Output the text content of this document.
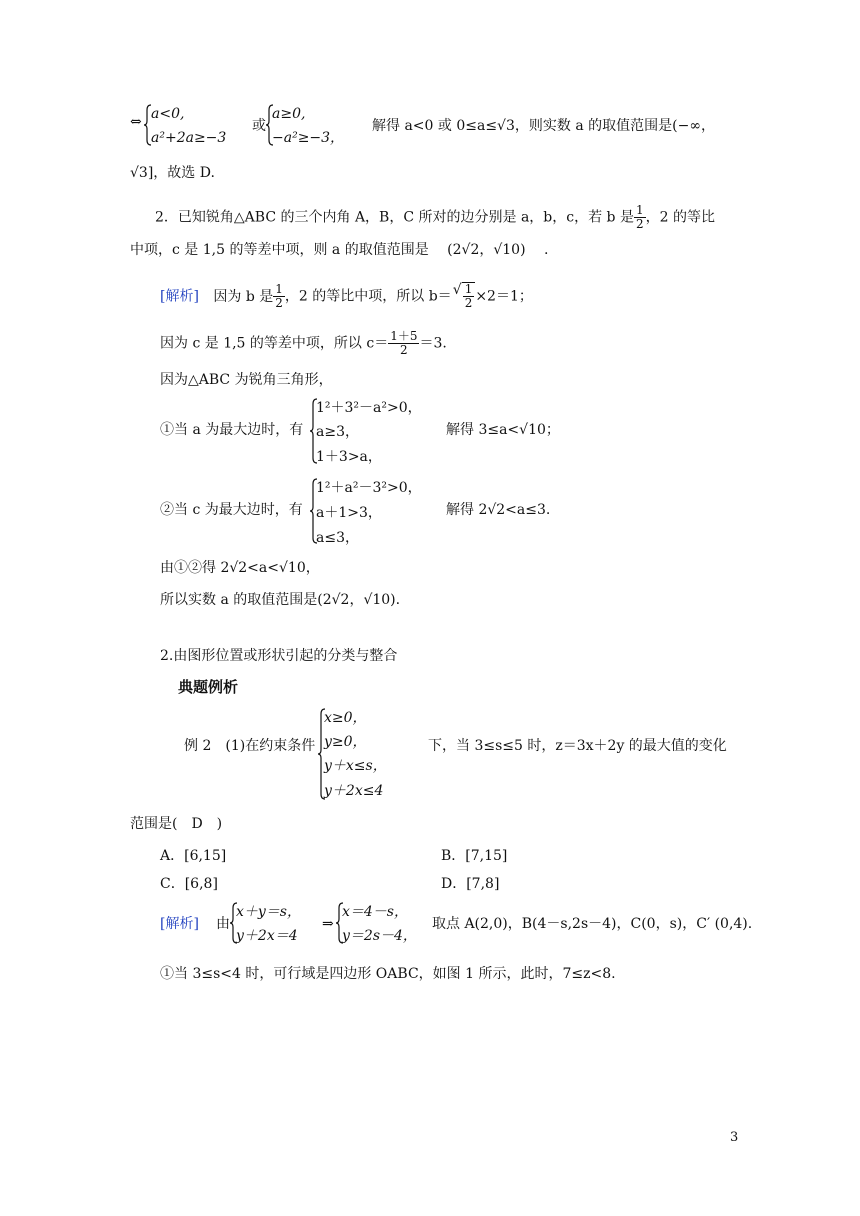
⇔ a<0,
a²+2a≥−3
或
a≥0,
−a²≥−3，
解得 a<0 或 0≤a≤√3，则实数 a 的取值范围是(−∞，
√3]，故选 D.
2．已知锐角△ABC 的三个内角 A，B，C 所对的边分别是 a，b，c，若 b 是 $\frac{1}{2}$ ，2 的等比
中项，c 是 1,5 的等差中项，则 a 的取值范围是 (2√2，√10) .
[解析] 因为 b 是 $\frac{1}{2}$ ，2 的等比中项，所以 b＝
√ $\frac{1}{2} \times 2=1$；
因为 c 是 1,5 的等差中项，所以 $c= \frac{1+5}{2} =3$.
因为△ABC 为锐角三角形，
①当 a 为最大边时，有
1²＋3²－a²>0，
a≥3，
1＋3>a，
解得 3≤a<√10；
②当 c 为最大边时，有
1²＋a²－3²>0，
a＋1>3，
a≤3，
解得 2√2<a≤3.
由①②得 2√2<a<√10，
所以实数 a 的取值范围是(2√2，√10).
2.由图形位置或形状引起的分类与整合
典题例析
例 2　(1)在约束条件
x≥0，
y≥0，
y＋x≤s，
y＋2x≤4
下，当 3≤s≤5 时，z＝3x＋2y 的最大值的变化
范围是(　D　)
A．[6,15]	B．[7,15]
C．[6,8]	D．[7,8]
[解析] 由
x＋y＝s，
y＋2x＝4
⇒
x＝4－s，
y＝2s－4，
取点 A(2,0)，B(4－s,2s－4)，C(0，s)，C′ (0,4).
①当 3≤s<4 时，可行域是四边形 OABC，如图 1 所示，此时，7≤z<8.
3
